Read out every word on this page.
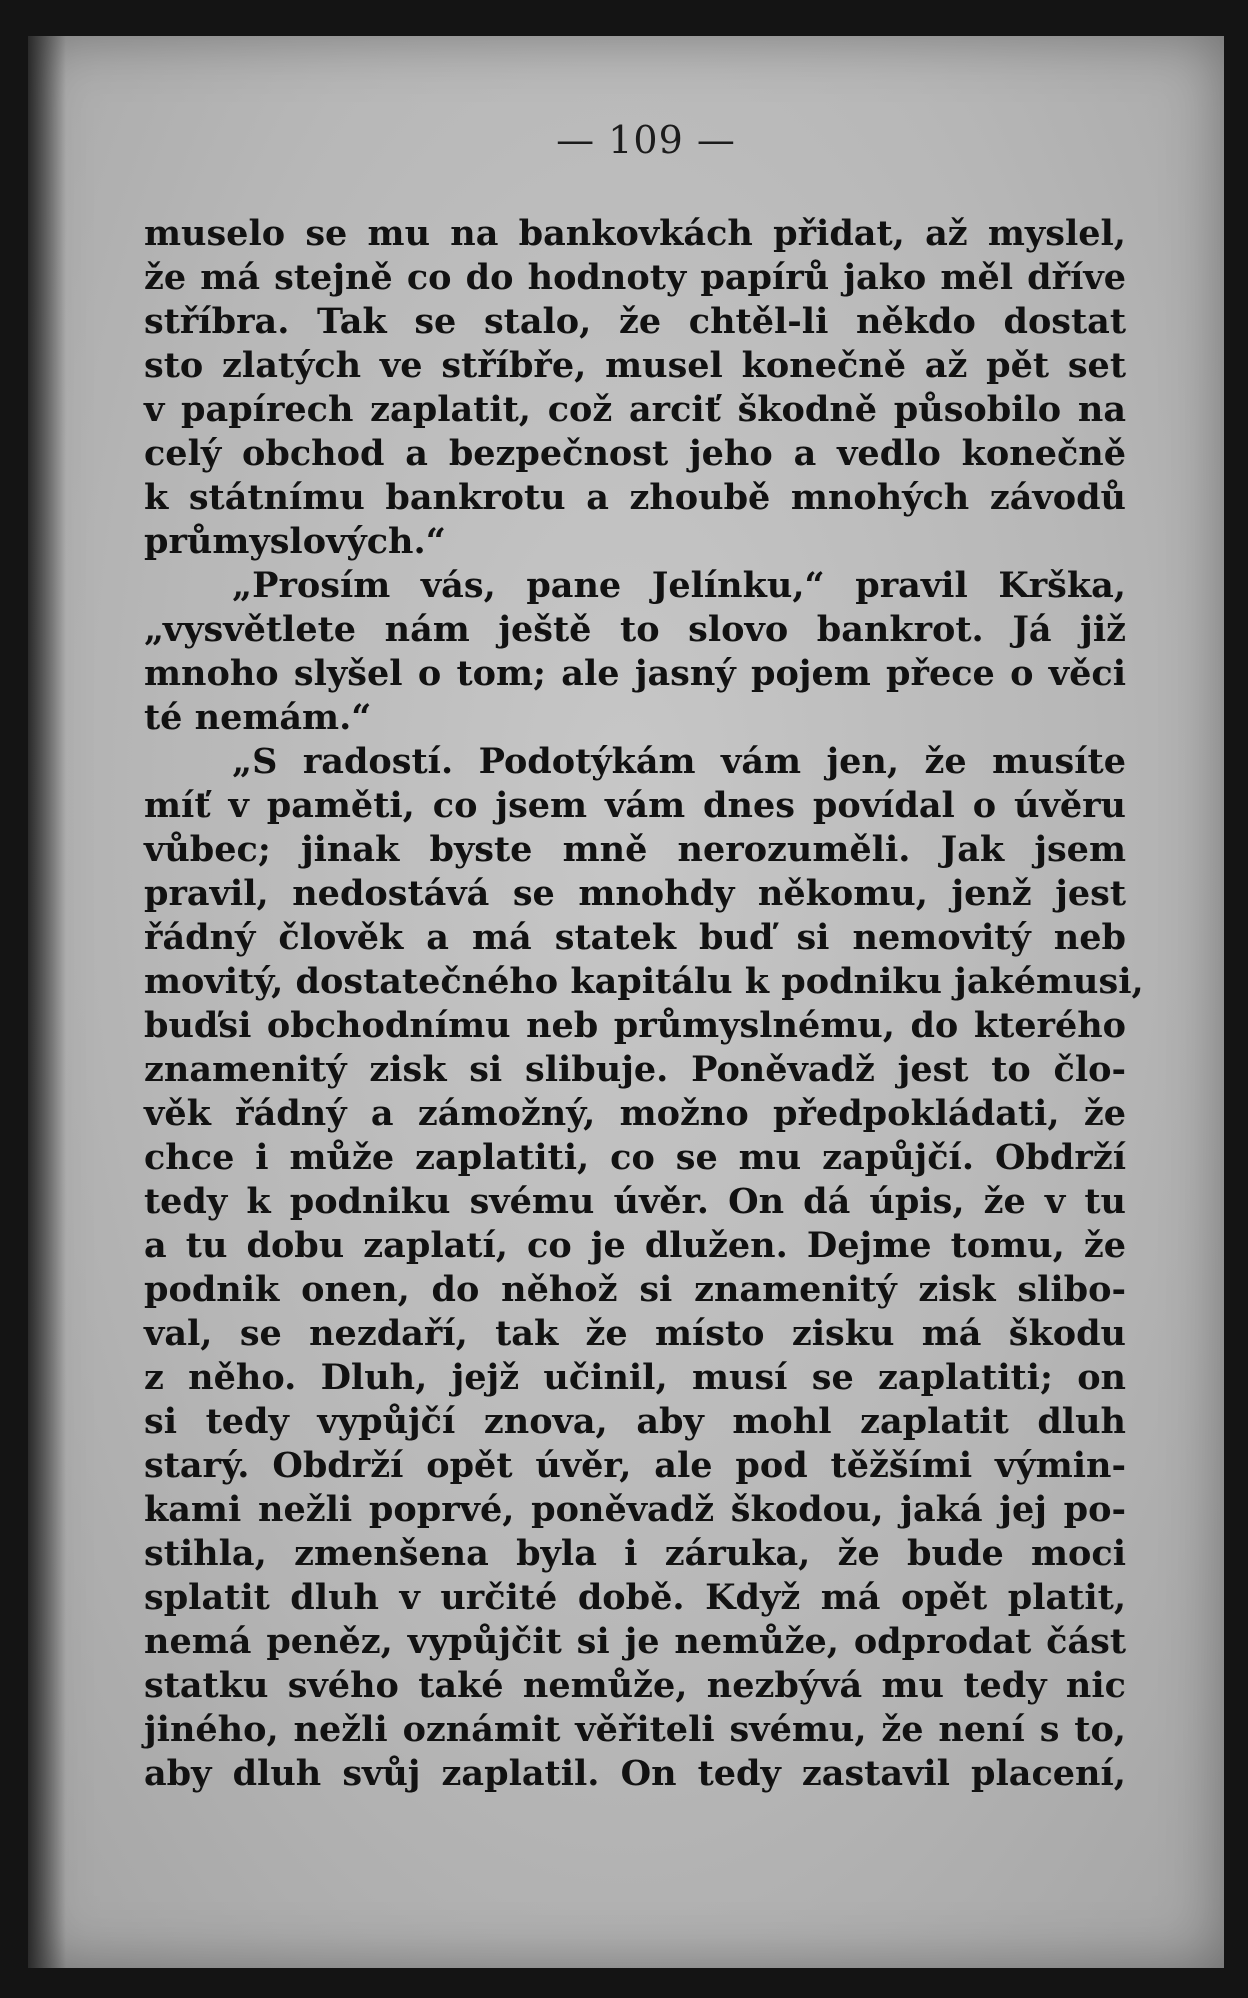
— 109 —
muselo se mu na bankovkách přidat, až myslel,
že má stejně co do hodnoty papírů jako měl dříve
stříbra. Tak se stalo, že chtěl-li někdo dostat
sto zlatých ve stříbře, musel konečně až pět set
v papírech zaplatit, což arciť škodně působilo na
celý obchod a bezpečnost jeho a vedlo konečně
k státnímu bankrotu a zhoubě mnohých závodů
průmyslových.“
„Prosím vás, pane Jelínku,“ pravil Krška,
„vysvětlete nám ještě to slovo bankrot. Já již
mnoho slyšel o tom; ale jasný pojem přece o věci
té nemám.“
„S radostí. Podotýkám vám jen, že musíte
míť v paměti, co jsem vám dnes povídal o úvěru
vůbec; jinak byste mně nerozuměli. Jak jsem
pravil, nedostává se mnohdy někomu, jenž jest
řádný člověk a má statek buď si nemovitý neb
movitý, dostatečného kapitálu k podniku jakémusi,
buďsi obchodnímu neb průmyslnému, do kterého
znamenitý zisk si slibuje. Poněvadž jest to člo-
věk řádný a zámožný, možno předpokládati, že
chce i může zaplatiti, co se mu zapůjčí. Obdrží
tedy k podniku svému úvěr. On dá úpis, že v tu
a tu dobu zaplatí, co je dlužen. Dejme tomu, že
podnik onen, do něhož si znamenitý zisk slibo-
val, se nezdaří, tak že místo zisku má škodu
z něho. Dluh, jejž učinil, musí se zaplatiti; on
si tedy vypůjčí znova, aby mohl zaplatit dluh
starý. Obdrží opět úvěr, ale pod těžšími výmin-
kami nežli poprvé, poněvadž škodou, jaká jej po-
stihla, zmenšena byla i záruka, že bude moci
splatit dluh v určité době. Když má opět platit,
nemá peněz, vypůjčit si je nemůže, odprodat část
statku svého také nemůže, nezbývá mu tedy nic
jiného, nežli oznámit věřiteli svému, že není s to,
aby dluh svůj zaplatil. On tedy zastavil placení,
